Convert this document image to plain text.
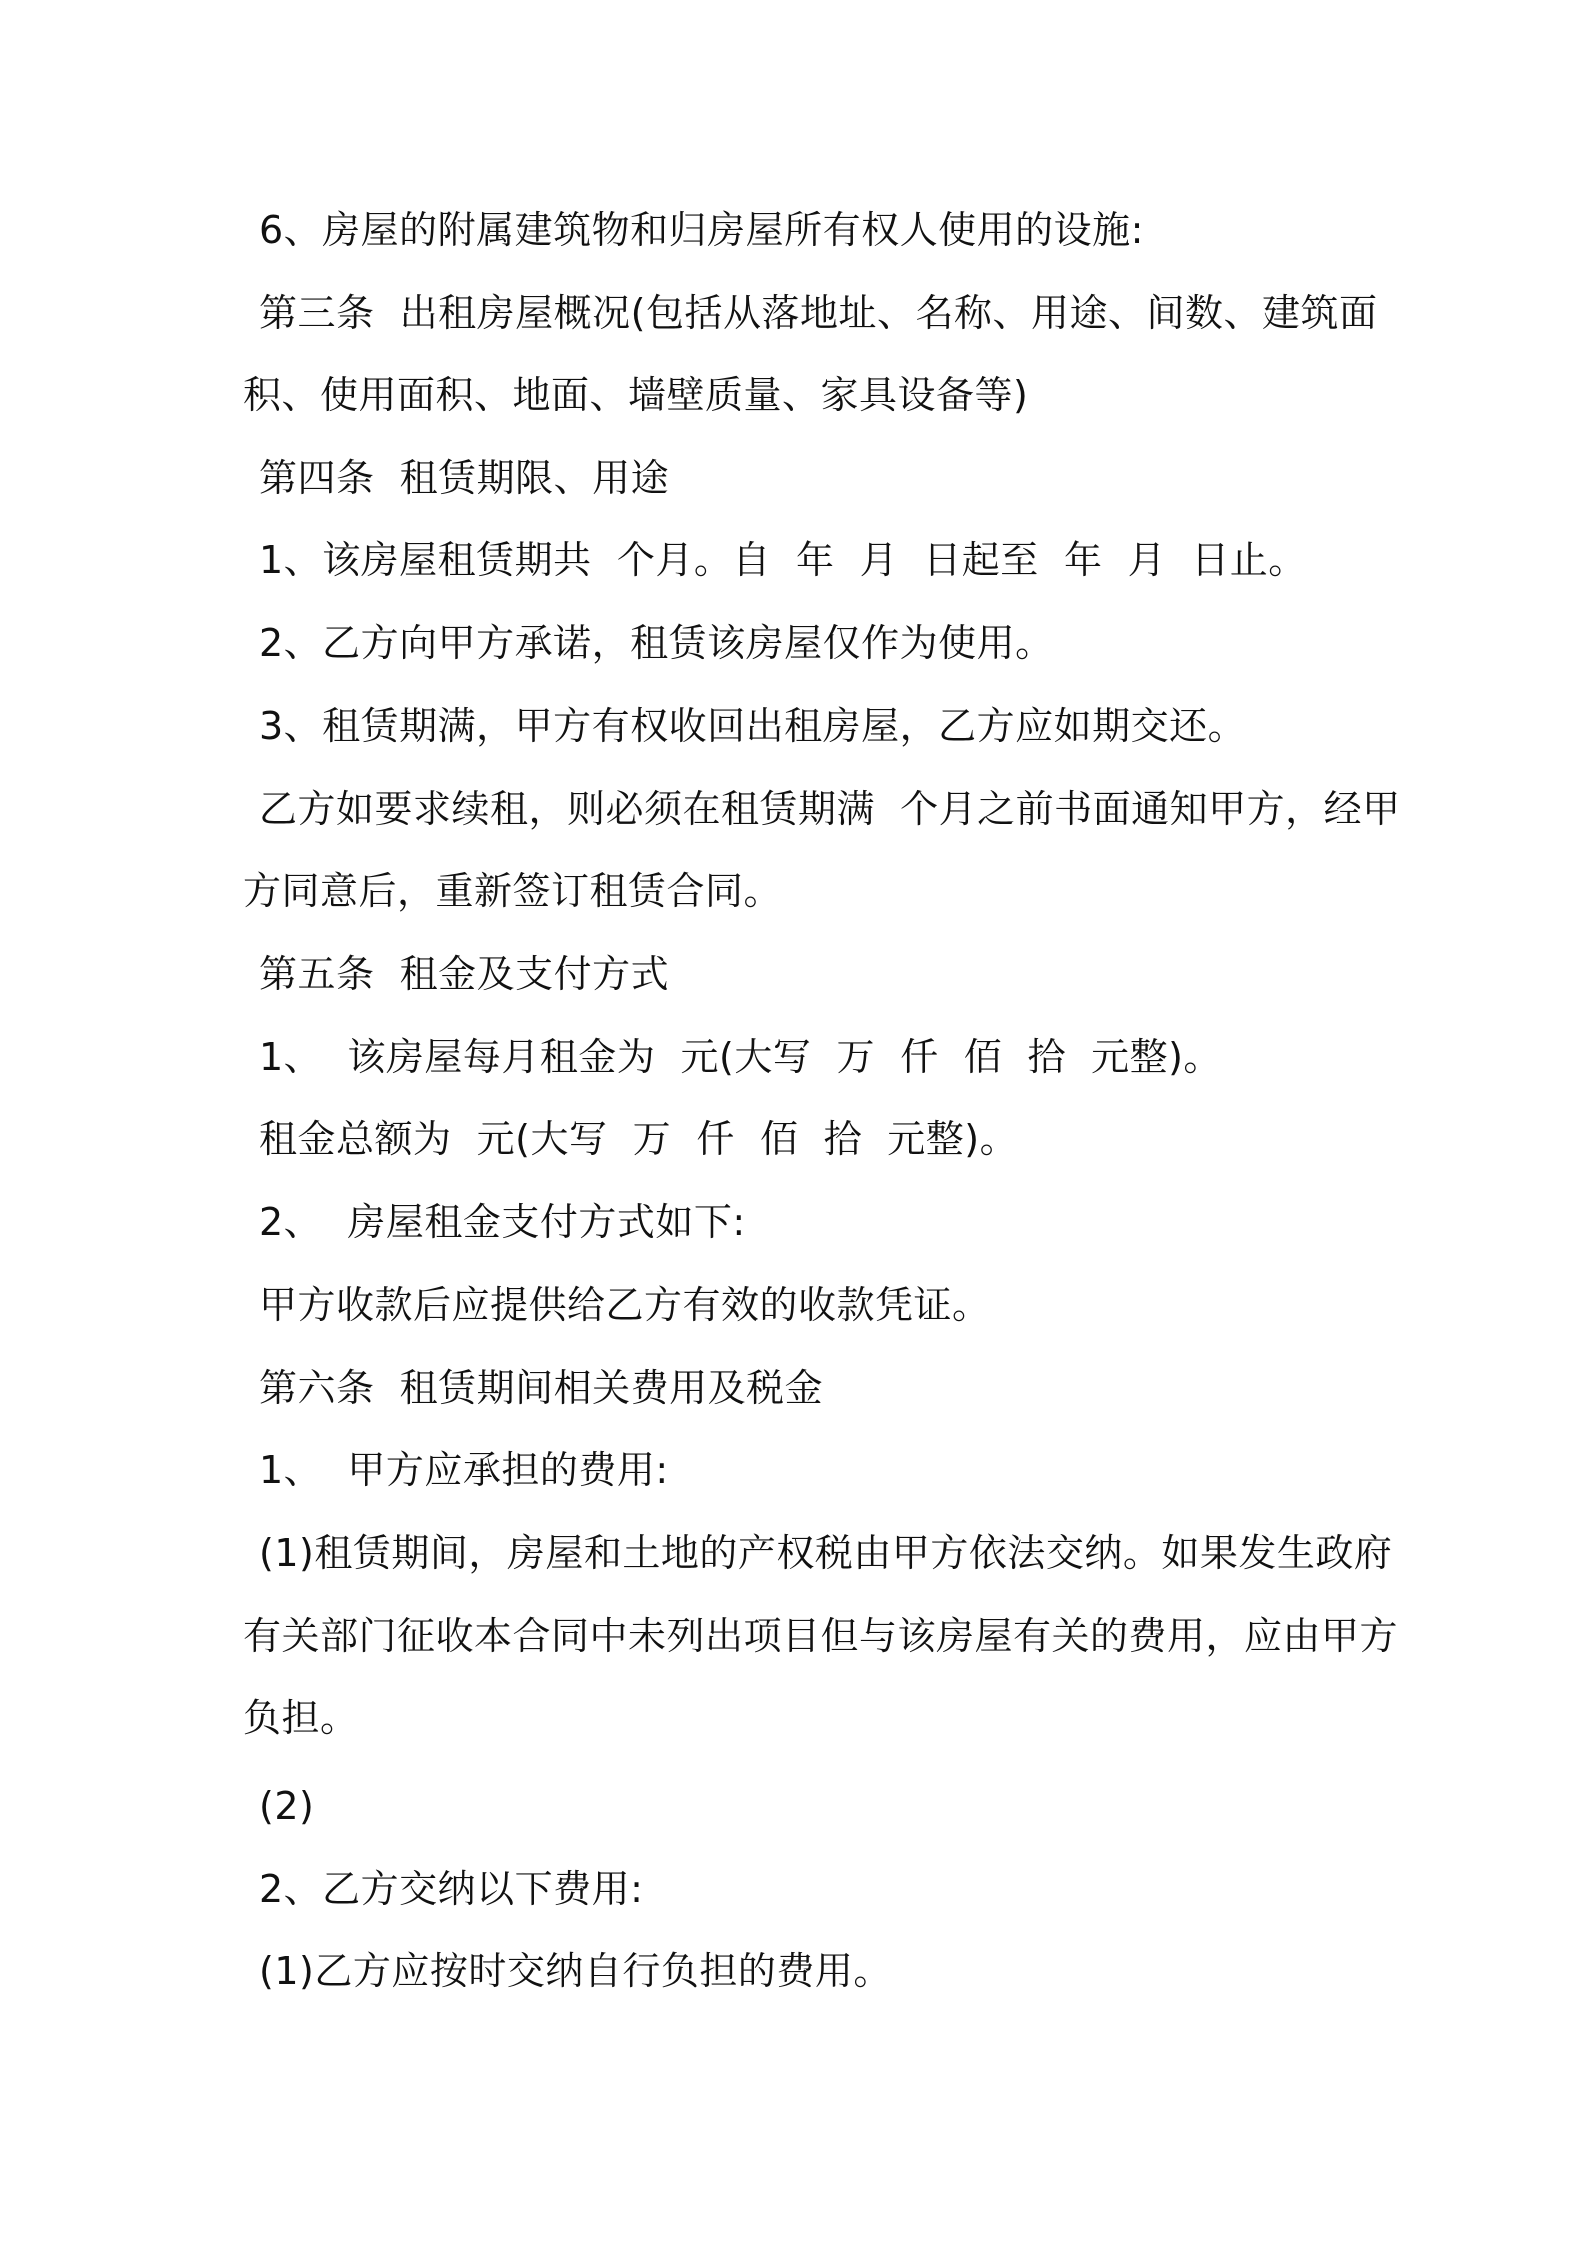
6、房屋的附属建筑物和归房屋所有权人使用的设施:
第三条  出租房屋概况(包括从落地址、名称、用途、间数、建筑面
积、使用面积、地面、墙壁质量、家具设备等)
第四条  租赁期限、用途
1、该房屋租赁期共  个月。自  年  月  日起至  年  月  日止。
2、乙方向甲方承诺，租赁该房屋仅作为使用。
3、租赁期满，甲方有权收回出租房屋，乙方应如期交还。
乙方如要求续租，则必须在租赁期满  个月之前书面通知甲方，经甲
方同意后，重新签订租赁合同。
第五条  租金及支付方式
1、  该房屋每月租金为  元(大写  万  仟  佰  拾  元整)。
租金总额为  元(大写  万  仟  佰  拾  元整)。
2、  房屋租金支付方式如下:
甲方收款后应提供给乙方有效的收款凭证。
第六条  租赁期间相关费用及税金
1、  甲方应承担的费用:
(1)租赁期间，房屋和土地的产权税由甲方依法交纳。如果发生政府
有关部门征收本合同中未列出项目但与该房屋有关的费用，应由甲方
负担。
(2)
2、乙方交纳以下费用:
(1)乙方应按时交纳自行负担的费用。
